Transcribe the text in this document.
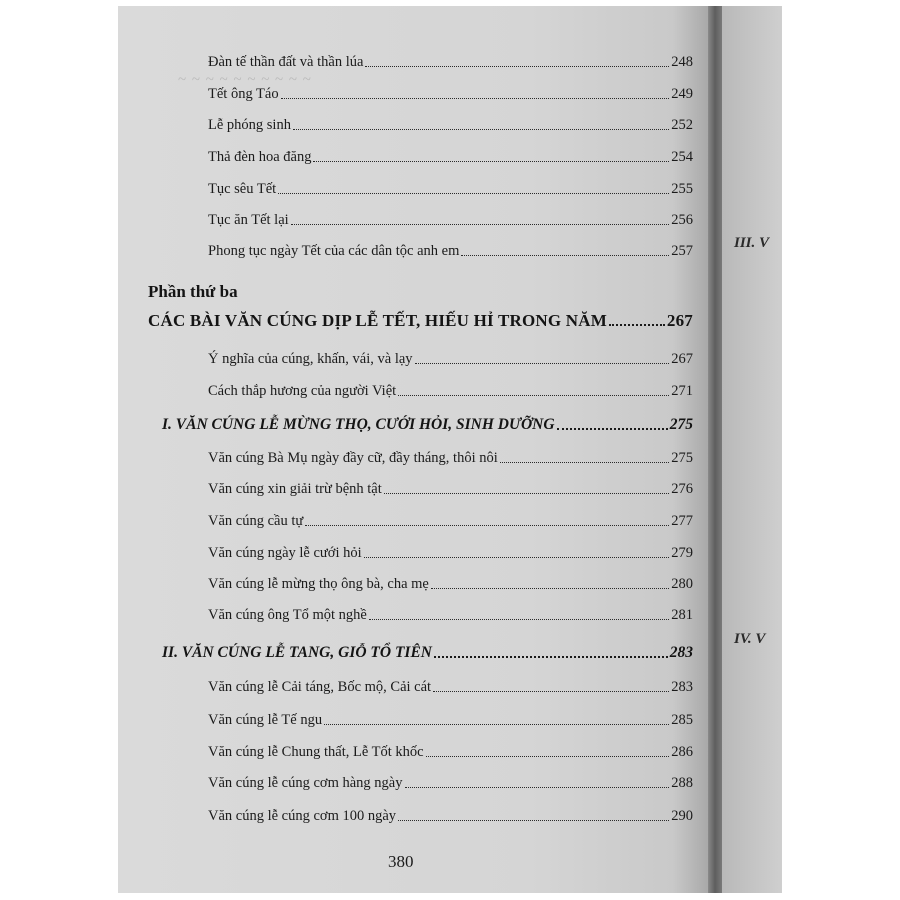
~ ~ ~ ~ ~ ~ ~ ~ ~ ~
Đàn tế thần đất và thần lúa	248
Tết ông Táo	249
Lễ phóng sinh	252
Thả đèn hoa đăng	254
Tục sêu Tết	255
Tục ăn Tết lại	256
Phong tục ngày Tết của các dân tộc anh em	257
Phần thứ ba
CÁC BÀI VĂN CÚNG DỊP LỄ TẾT, HIẾU HỈ TRONG NĂM	267
Ý nghĩa của cúng, khấn, vái, và lạy	267
Cách thắp hương của người Việt	271
I. VĂN CÚNG LỄ MỪNG THỌ, CƯỚI HỎI, SINH DƯỠNG	275
Văn cúng Bà Mụ ngày đầy cữ, đầy tháng, thôi nôi	275
Văn cúng xin giải trừ bệnh tật	276
Văn cúng cầu tự	277
Văn cúng ngày lễ cưới hỏi	279
Văn cúng lễ mừng thọ ông bà, cha mẹ	280
Văn cúng ông Tổ một nghề	281
II. VĂN CÚNG LỄ TANG, GIỖ TỔ TIÊN	283
Văn cúng lễ Cải táng, Bốc mộ, Cải cát	283
Văn cúng lễ Tế ngu	285
Văn cúng lễ Chung thất, Lễ Tốt khốc	286
Văn cúng lễ cúng cơm hàng ngày	288
Văn cúng lễ cúng cơm 100 ngày	290
380
III. V
IV. V
